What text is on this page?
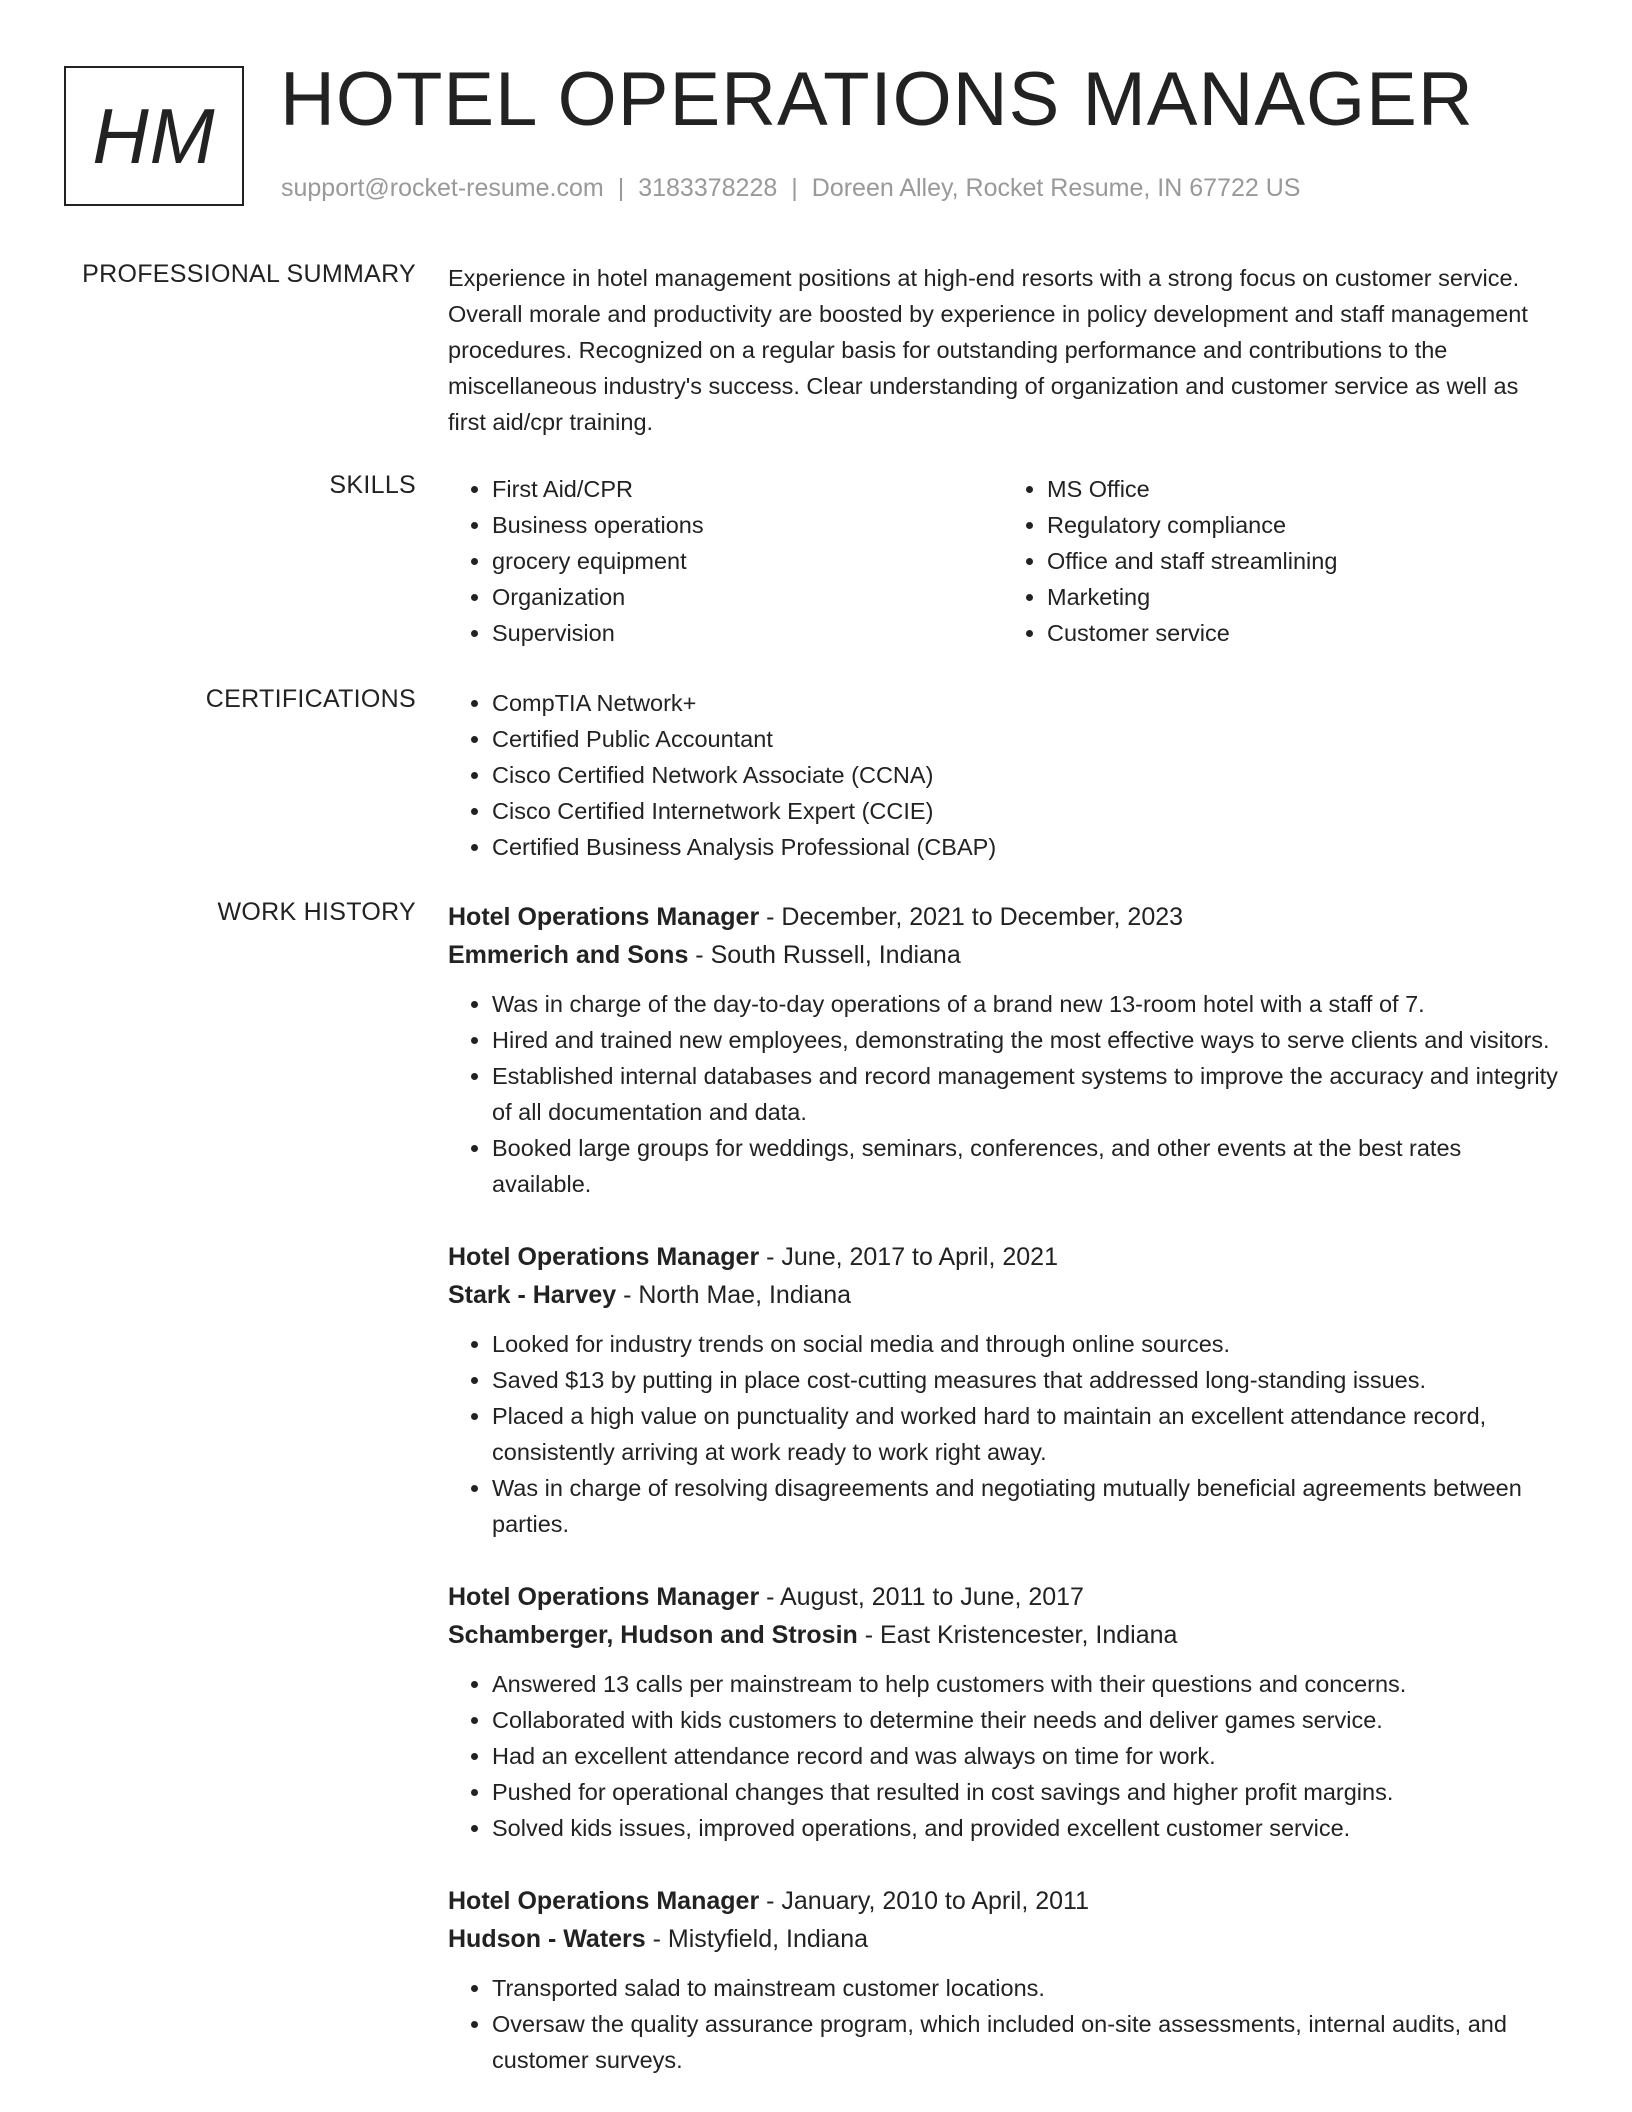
HM HOTEL OPERATIONS MANAGER
support@rocket-resume.com | 3183378228 | Doreen Alley, Rocket Resume, IN 67722 US
PROFESSIONAL SUMMARY Experience in hotel management positions at high-end resorts with a strong focus on customer service. Overall morale and productivity are boosted by experience in policy development and staff management procedures. Recognized on a regular basis for outstanding performance and contributions to the miscellaneous industry's success. Clear understanding of organization and customer service as well as first aid/cpr training.

SKILLS	• First Aid/CPR
• Business operations
• grocery equipment
• Organization
• Supervision
• MS Office
• Regulatory compliance
• Office and staff streamlining
• Marketing
• Customer service
CERTIFICATIONS	• CompTIA Network+
• Certified Public Accountant
• Cisco Certified Network Associate (CCNA)
• Cisco Certified Internetwork Expert (CCIE)
• Certified Business Analysis Professional (CBAP)
WORK HISTORY Hotel Operations Manager - December, 2021 to December, 2023
Emmerich and Sons - South Russell, Indiana
• Was in charge of the day-to-day operations of a brand new 13-room hotel with a staff of 7.
• Hired and trained new employees, demonstrating the most effective ways to serve clients and visitors.
• Established internal databases and record management systems to improve the accuracy and integrity of all documentation and data.
• Booked large groups for weddings, seminars, conferences, and other events at the best rates available.
Hotel Operations Manager - June, 2017 to April, 2021
Stark - Harvey - North Mae, Indiana
• Looked for industry trends on social media and through online sources.
• Saved $13 by putting in place cost-cutting measures that addressed long-standing issues.
• Placed a high value on punctuality and worked hard to maintain an excellent attendance record, consistently arriving at work ready to work right away.
• Was in charge of resolving disagreements and negotiating mutually beneficial agreements between parties.
Hotel Operations Manager - August, 2011 to June, 2017
Schamberger, Hudson and Strosin - East Kristencester, Indiana
• Answered 13 calls per mainstream to help customers with their questions and concerns.
• Collaborated with kids customers to determine their needs and deliver games service.
• Had an excellent attendance record and was always on time for work.
• Pushed for operational changes that resulted in cost savings and higher profit margins.
• Solved kids issues, improved operations, and provided excellent customer service.
Hotel Operations Manager - January, 2010 to April, 2011
Hudson - Waters - Mistyfield, Indiana
• Transported salad to mainstream customer locations.
• Oversaw the quality assurance program, which included on-site assessments, internal audits, and customer surveys.
